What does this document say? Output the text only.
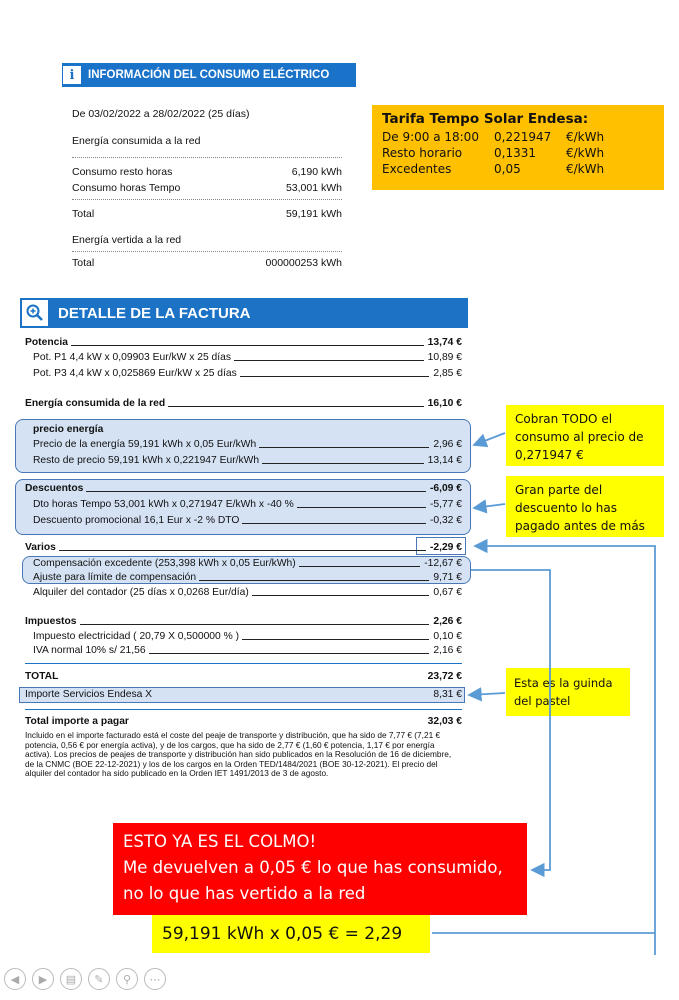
i	INFORMACIÓN DEL CONSUMO ELÉCTRICO
De 03/02/2022 a 28/02/2022 (25 días)
Energía consumida a la red
Consumo resto horas	6,190 kWh
Consumo horas Tempo	53,001 kWh
Total	59,191 kWh
Energía vertida a la red
Total	000000253 kWh
Tarifa Tempo Solar Endesa:
De 9:00 a 18:00	0,221947	€/kWh
Resto horario	0,1331	€/kWh
Excedentes	0,05	€/kWh
DETALLE DE LA FACTURA
Potencia	13,74 €
Pot. P1 4,4 kW x 0,09903 Eur/kW x 25 días	10,89 €
Pot. P3 4,4 kW x 0,025869 Eur/kW x 25 días	2,85 €
Energía consumida de la red	16,10 €
precio energía
Precio de la energía 59,191 kWh x 0,05 Eur/kWh	2,96 €
Resto de precio 59,191 kWh x 0,221947 Eur/kWh	13,14 €
Descuentos	-6,09 €
Dto horas Tempo 53,001 kWh x 0,271947 E/kWh x -40 %	-5,77 €
Descuento promocional 16,1 Eur x -2 % DTO	-0,32 €
Varios	-2,29 €
Compensación excedente (253,398 kWh x 0,05 Eur/kWh)	-12,67 €
Ajuste para límite de compensación	9,71 €
Alquiler del contador (25 días x 0,0268 Eur/día)	0,67 €
Impuestos	2,26 €
Impuesto electricidad ( 20,79 X 0,500000 % )	0,10 €
IVA normal 10% s/ 21,56	2,16 €
TOTAL	23,72 €
Importe Servicios Endesa X	8,31 €
Total importe a pagar	32,03 €
Incluido en el importe facturado está el coste del peaje de transporte y distribución, que ha sido de 7,77 € (7,21 € potencia, 0,56 € por energía activa), y de los cargos, que ha sido de 2,77 € (1,60 € potencia, 1,17 € por energía activa). Los precios de peajes de transporte y distribución han sido publicados en la Resolución de 16 de diciembre, de la CNMC (BOE 22-12-2021) y los de los cargos en la Orden TED/1484/2021 (BOE 30-12-2021). El precio del alquiler del contador ha sido publicado en la Orden IET 1491/2013 de 3 de agosto.
Cobran TODO el consumo al precio de 0,271947 €
Gran parte del descuento lo has pagado antes de más
Esta es la guinda del pastel
ESTO YA ES EL COLMO!
Me devuelven a 0,05 € lo que has consumido, no lo que has vertido a la red
59,191 kWh x 0,05 € = 2,29
◀	▶	▤	✎	⚲	⋯
